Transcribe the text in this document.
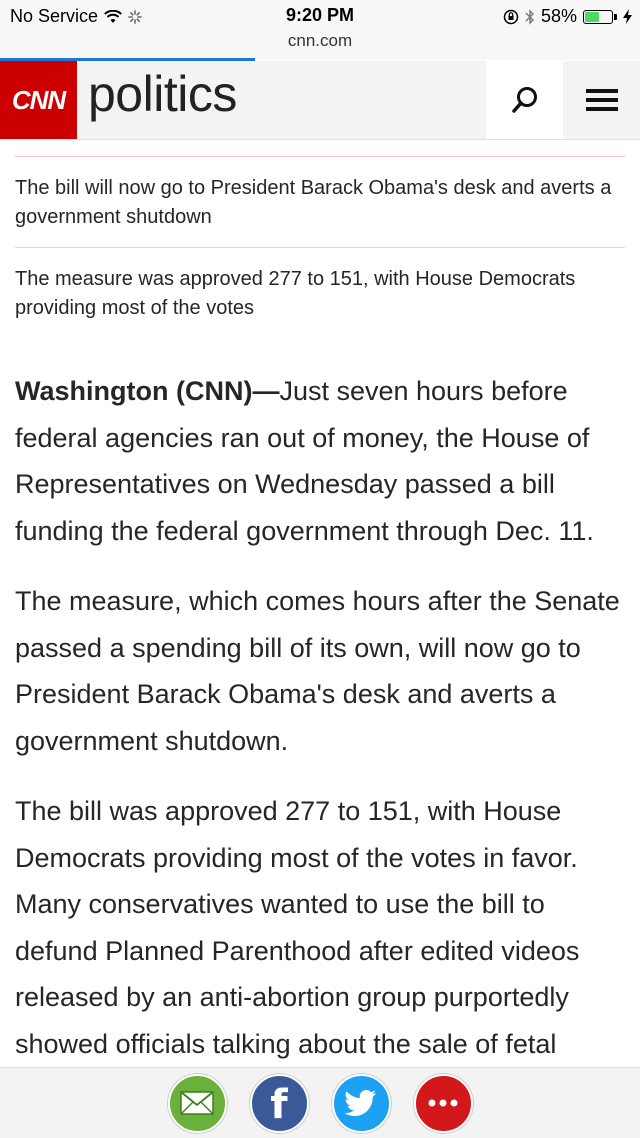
No Service	9:20 PM
cnn.com
58%
CNN politics
The bill will now go to President Barack Obama's desk and averts a government shutdown
The measure was approved 277 to 151, with House Democrats providing most of the votes

Washington (CNN)—Just seven hours before federal agencies ran out of money, the House of Representatives on Wednesday passed a bill funding the federal government through Dec. 11.

The measure, which comes hours after the Senate passed a spending bill of its own, will now go to President Barack Obama's desk and averts a government shutdown.

The bill was approved 277 to 151, with House Democrats providing most of the votes in favor. Many conservatives wanted to use the bill to defund Planned Parenthood after edited videos released by an anti-abortion group purportedly showed officials talking about the sale of fetal

f
